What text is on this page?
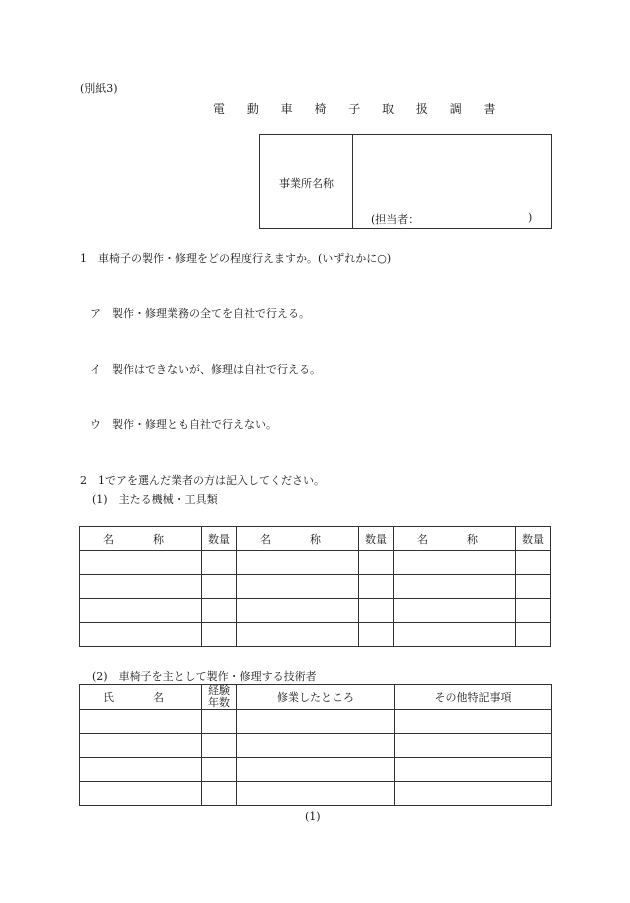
(別紙3)
電 動 車 椅 子 取 扱 調 書
事業所名称
(担当者：	)
1　車椅子の製作・修理をどの程度行えますか。(いずれかに○)
ア　製作・修理業務の全てを自社で行える。
イ　製作はできないが、修理は自社で行える。
ウ　製作・修理とも自社で行えない。
2　1でアを選んだ業者の方は記入してください。
(1)　主たる機械・工具類
名　称	数量	名　称	数量	名　称	数量

(2)　車椅子を主として製作・修理する技術者
氏　名	経験
年数	修業したところ	その他特記事項

(1)
